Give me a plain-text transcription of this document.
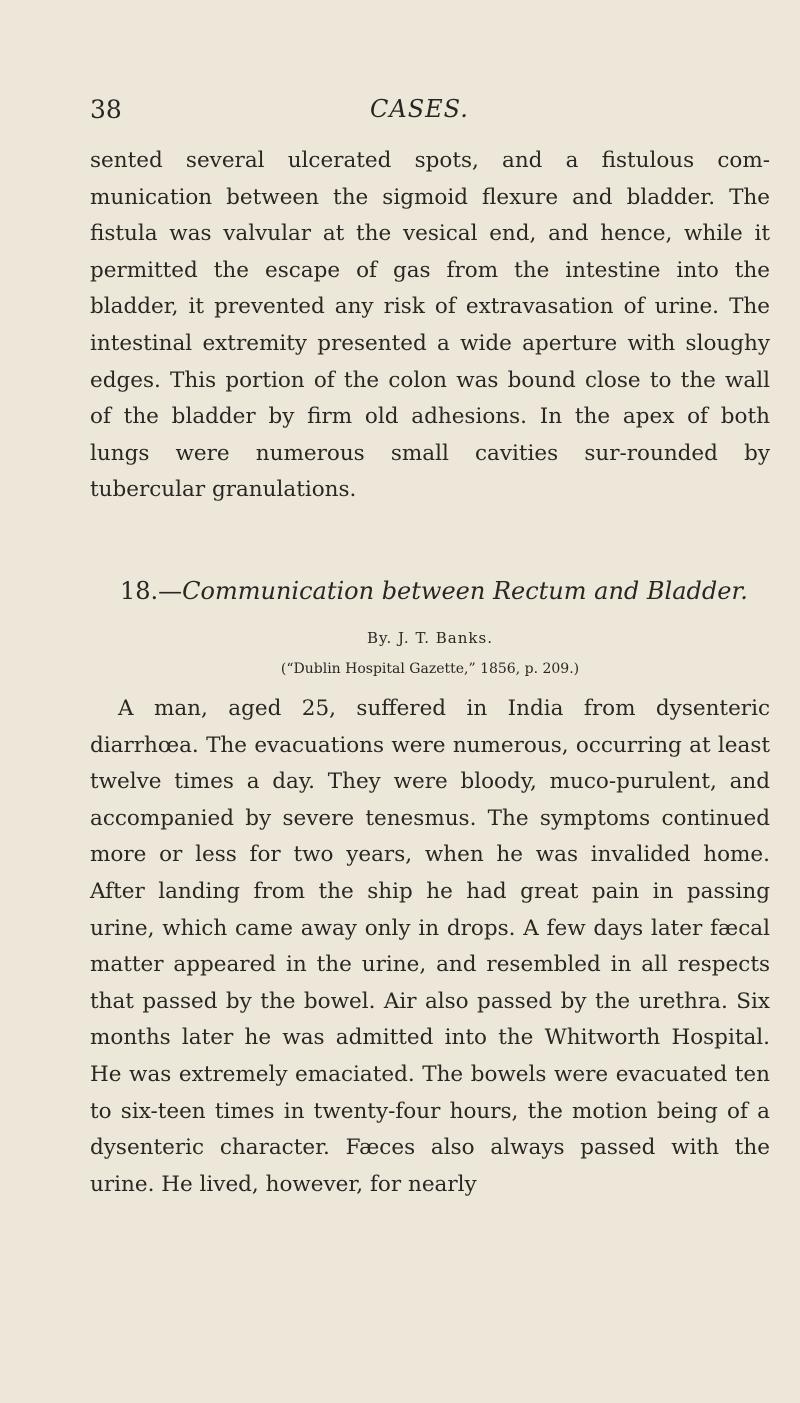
38	CASES.

sented several ulcerated spots, and a fistulous com-munication between the sigmoid flexure and bladder. The fistula was valvular at the vesical end, and hence, while it permitted the escape of gas from the intestine into the bladder, it prevented any risk of extravasation of urine. The intestinal extremity presented a wide aperture with sloughy edges. This portion of the colon was bound close to the wall of the bladder by firm old adhesions. In the apex of both lungs were numerous small cavities sur-rounded by tubercular granulations.

18.—Communication between Rectum and Bladder.
By. J. T. Banks.
(“Dublin Hospital Gazette,” 1856, p. 209.)

A man, aged 25, suffered in India from dysenteric diarrhœa. The evacuations were numerous, occurring at least twelve times a day. They were bloody, muco-purulent, and accompanied by severe tenesmus. The symptoms continued more or less for two years, when he was invalided home. After landing from the ship he had great pain in passing urine, which came away only in drops. A few days later fæcal matter appeared in the urine, and resembled in all respects that passed by the bowel. Air also passed by the urethra. Six months later he was admitted into the Whitworth Hospital. He was extremely emaciated. The bowels were evacuated ten to six-teen times in twenty-four hours, the motion being of a dysenteric character. Fæces also always passed with the urine. He lived, however, for nearly
